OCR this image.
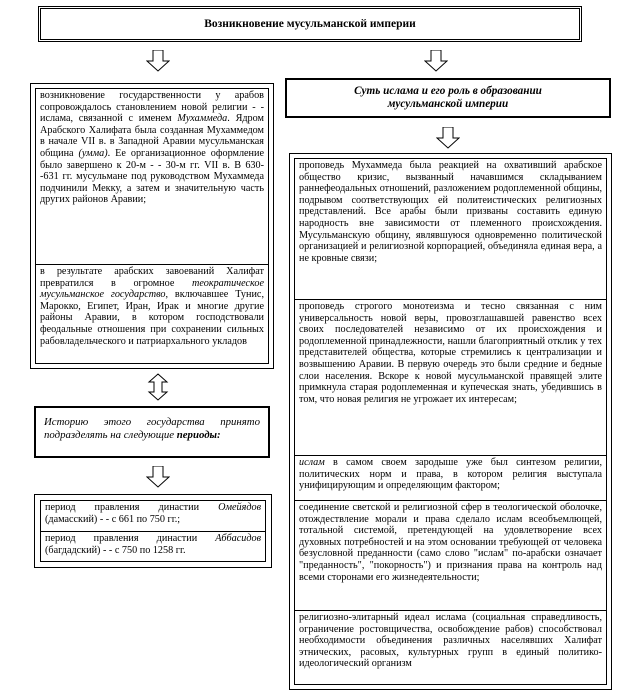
Возникновение мусульманской империи
возникновение государственности у арабов сопровождалось становлением новой религии - - ислама, связанной с именем Мухаммеда. Ядром Арабского Халифата была созданная Мухаммедом в начале VII в. в Западной Аравии мусульманская община (умма). Ее организационное оформление было завершено к 20-м - - 30-м гг. VII в. В 630- -631 гг. мусульмане под руководством Мухаммеда подчинили Мекку, а затем и значительную часть других районов Аравии;
в результате арабских завоеваний Халифат превратился в огромное теократическое мусульманское государство, включавшее Тунис, Марокко, Египет, Иран, Ирак и многие другие районы Аравии, в котором господствовали феодальные отношения при сохранении сильных рабовладельческого и патриархального укладов
Историю этого государства принято подразделять на следующие периоды:
период правления династии Омейядов (дамасский) - - с 661 по 750 гг.;
период правления династии Аббасидов (багдадский) - - с 750 по 1258 гг.
Суть ислама и его роль в образовании
мусульманской империи
проповедь Мухаммеда была реакцией на охвативший арабское общество кризис, вызванный начавшимся складыванием раннефеодальных отношений, разложением родоплеменной общины, подрывом соответствующих ей политеистических религиозных представлений. Все арабы были призваны составить единую народность вне зависимости от племенного происхождения. Мусульманскую общину, являвшуюся одновременно политической организацией и религиозной корпорацией, объединяла единая вера, а не кровные связи;
проповедь строгого монотеизма и тесно связанная с ним универсальность новой веры, провозглашавшей равенство всех своих последователей независимо от их происхождения и родоплеменной принадлежности, нашли благоприятный отклик у тех представителей общества, которые стремились к централизации и возвышению Аравии. В первую очередь это были средние и бедные слои населения. Вскоре к новой мусульманской правящей элите примкнула старая родоплеменная и купеческая знать, убедившись в том, что новая религия не угрожает их интересам;
ислам в самом своем зародыше уже был синтезом религии, политических норм и права, в котором религия выступала унифицирующим и определяющим фактором;
соединение светской и религиозной сфер в теологической оболочке, отождествление морали и права сделало ислам всеобъемлющей, тотальной системой, претендующей на удовлетворение всех духовных потребностей и на этом основании требующей от человека безусловной преданности (само слово "ислам" по-арабски означает "преданность", "покорность") и признания права на контроль над всеми сторонами его жизнедеятельности;
религиозно-элитарный идеал ислама (социальная справедливость, ограничение ростовщичества, освобождение рабов) способствовал необходимости объединения различных населявших Халифат этнических, расовых, культурных групп в единый политико-идеологический организм
